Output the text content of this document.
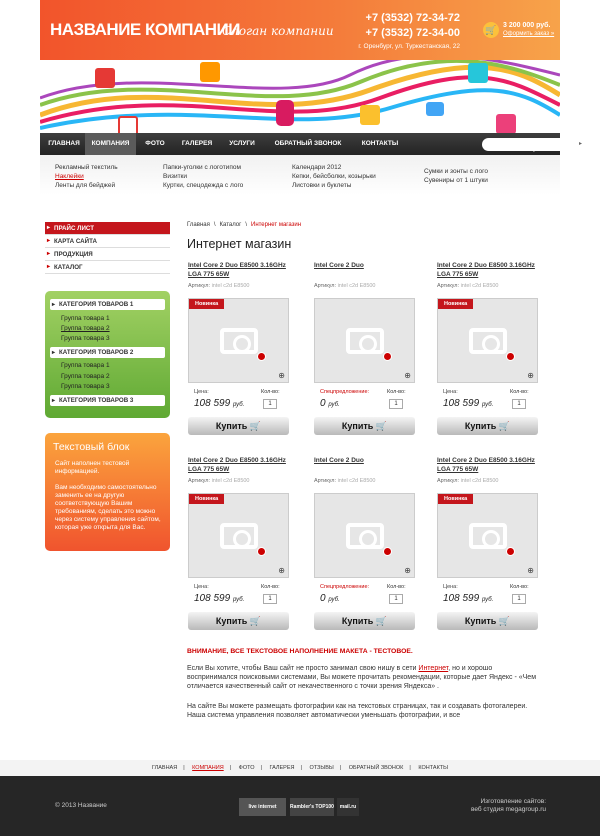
НАЗВАНИЕ КОМПАНИИ
Слоган компании
+7 (3532) 72-34-72
+7 (3532) 72-34-00
г. Оренбург, ул. Туркестанская, 22
🛒 3 200 000 руб.
Оформить заказ »
ГЛАВНАЯ	КОМПАНИЯ	ФОТО	ГАЛЕРЕЯ	УСЛУГИ	ОБРАТНЫЙ ЗВОНОК	КОНТАКТЫ
поиск по сайту
▸
Рекламный текстиль
Наклейки
Ленты для бейджей
Папки-уголки с логотипом
Визитки
Куртки, спецодежда с лого
Календари 2012
Кепки, бейсболки, козырьки
Листовки и буклеты
Сумки и зонты с лого
Сувениры от 1 штуки
▸ ПРАЙС ЛИСТ
▸ КАРТА САЙТА
▸ ПРОДУКЦИЯ
▸ КАТАЛОГ
▸ КАТЕГОРИЯ ТОВАРОВ 1
Группа товара 1
Группа товара 2
Группа товара 3
▸ КАТЕГОРИЯ ТОВАРОВ 2
Группа товара 1
Группа товара 2
Группа товара 3
▸ КАТЕГОРИЯ ТОВАРОВ 3
Текстовый блок

Сайт наполнен тестовой информацией.

Вам необходимо самостоятельно заменить ее на другую соответствующую Вашим требованиям, сделать это можно через систему управления сайтом, которая уже открыта для Вас.

Главная \ Каталог \ Интернет магазин
Интернет магазин
Intel Core 2 Duo E8500 3.16GHz LGA 775 65W
Артикул: intel c2d E8500
Новинка
⊕
Цена:
108 599 руб.
Кол-во:
1
Купить 🛒
Intel Core 2 Duo
Артикул: intel c2d E8500
⊕
Спецпредложение:
0 руб.
Кол-во:
1
Купить 🛒
Intel Core 2 Duo E8500 3.16GHz LGA 775 65W
Артикул: intel c2d E8500
Новинка
⊕
Цена:
108 599 руб.
Кол-во:
1
Купить 🛒
Intel Core 2 Duo E8500 3.16GHz LGA 775 65W
Артикул: intel c2d E8500
Новинка
⊕
Цена:
108 599 руб.
Кол-во:
1
Купить 🛒
Intel Core 2 Duo
Артикул: intel c2d E8500
⊕
Спецпредложение:
0 руб.
Кол-во:
1
Купить 🛒
Intel Core 2 Duo E8500 3.16GHz LGA 775 65W
Артикул: intel c2d E8500
Новинка
⊕
Цена:
108 599 руб.
Кол-во:
1
Купить 🛒
ВНИМАНИЕ, ВСЕ ТЕКСТОВОЕ НАПОЛНЕНИЕ МАКЕТА - ТЕСТОВОЕ.
Если Вы хотите, чтобы Ваш сайт не просто занимал свою нишу в сети Интернет, но и хорошо воспринимался поисковыми системами, Вы можете прочитать рекомендации, которые дает Яндекс - «Чем отличается качественный сайт от некачественного с точки зрения Яндекса» .
На сайте Вы можете размещать фотографии как на текстовых страницах, так и создавать фотогалереи. Наша система управления позволяет автоматически уменьшать фотографии, и все
ГЛАВНАЯ | КОМПАНИЯ | ФОТО | ГАЛЕРЕЯ | ОТЗЫВЫ | ОБРАТНЫЙ ЗВОНОК | КОНТАКТЫ
© 2013 Название	live internet	Rambler's TOP100	mail.ru
Изготовление сайтов:
веб студия megagroup.ru
